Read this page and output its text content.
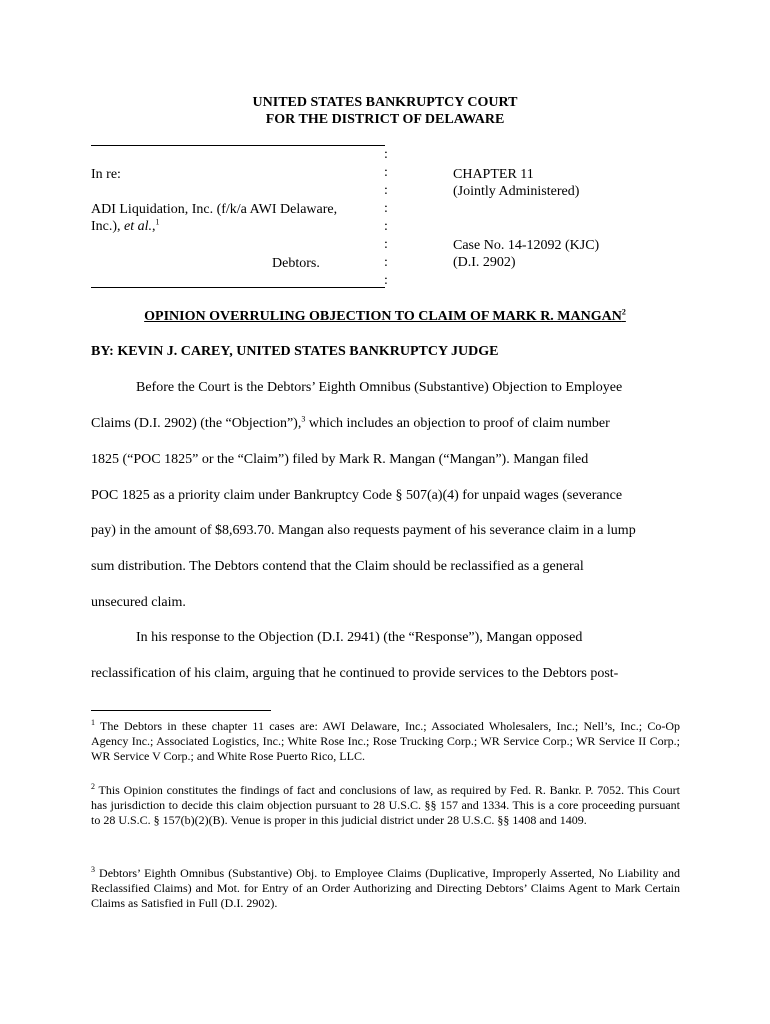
UNITED STATES BANKRUPTCY COURT
FOR THE DISTRICT OF DELAWARE
In re:
ADI Liquidation, Inc. (f/k/a AWI Delaware,
Inc.), et al.,$^1$
Debtors.
:
:
:
:
:
:
:
:
CHAPTER 11
(Jointly Administered)
Case No. 14-12092 (KJC)
(D.I. 2902)
OPINION OVERRULING OBJECTION TO CLAIM OF MARK R. MANGAN$^2$
BY: KEVIN J. CAREY, UNITED STATES BANKRUPTCY JUDGE
Before the Court is the Debtors’ Eighth Omnibus (Substantive) Objection to Employee
Claims (D.I. 2902) (the “Objection”),$^3$ which includes an objection to proof of claim number
1825 (“POC 1825” or the “Claim”) filed by Mark R. Mangan (“Mangan”). Mangan filed
POC 1825 as a priority claim under Bankruptcy Code § 507(a)(4) for unpaid wages (severance
pay) in the amount of $8,693.70. Mangan also requests payment of his severance claim in a lump
sum distribution. The Debtors contend that the Claim should be reclassified as a general
unsecured claim.
In his response to the Objection (D.I. 2941) (the “Response”), Mangan opposed
reclassification of his claim, arguing that he continued to provide services to the Debtors post-
$^1$ The Debtors in these chapter 11 cases are: AWI Delaware, Inc.; Associated Wholesalers, Inc.; Nell’s, Inc.; Co-Op Agency Inc.; Associated Logistics, Inc.; White Rose Inc.; Rose Trucking Corp.; WR Service Corp.; WR Service II Corp.; WR Service V Corp.; and White Rose Puerto Rico, LLC.
$^2$ This Opinion constitutes the findings of fact and conclusions of law, as required by Fed. R. Bankr. P. 7052. This Court has jurisdiction to decide this claim objection pursuant to 28 U.S.C. §§ 157 and 1334. This is a core proceeding pursuant to 28 U.S.C. § 157(b)(2)(B). Venue is proper in this judicial district under 28 U.S.C. §§ 1408 and 1409.
$^3$ Debtors’ Eighth Omnibus (Substantive) Obj. to Employee Claims (Duplicative, Improperly Asserted, No Liability and Reclassified Claims) and Mot. for Entry of an Order Authorizing and Directing Debtors’ Claims Agent to Mark Certain Claims as Satisfied in Full (D.I. 2902).
